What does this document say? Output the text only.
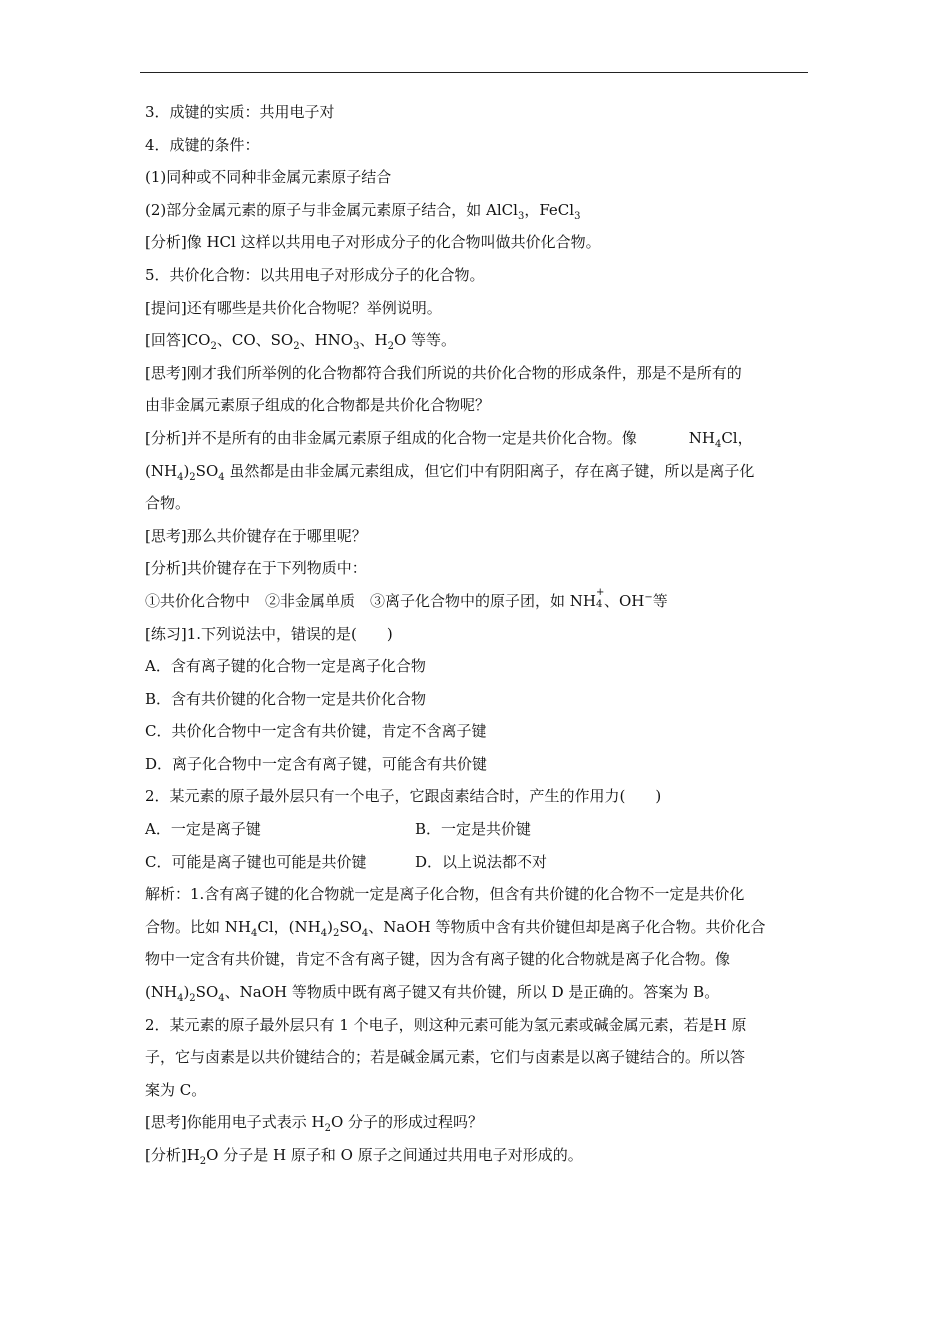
3．成键的实质：共用电子对
4．成键的条件：
(1)同种或不同种非金属元素原子结合
(2)部分金属元素的原子与非金属元素原子结合，如 AlCl$_3$，FeCl$_3$
[分析]像 HCl 这样以共用电子对形成分子的化合物叫做共价化合物。
5．共价化合物：以共用电子对形成分子的化合物。
[提问]还有哪些是共价化合物呢？举例说明。
[回答]$CO_2$、CO、$SO_2$、$HNO_3$、$H_2O$ 等等。
[思考]刚才我们所举例的化合物都符合我们所说的共价化合物的形成条件，那是不是所有的
由非金属元素原子组成的化合物都是共价化合物呢？
[分析]并不是所有的由非金属元素原子组成的化合物一定是共价化合物。像	$NH_4Cl$，
$(NH_4)_2SO_4$ 虽然都是由非金属元素组成，但它们中有阴阳离子，存在离子键，所以是离子化
合物。
[思考]那么共价键存在于哪里呢？
[分析]共价键存在于下列物质中：
①共价化合物中　②非金属单质　③离子化合物中的原子团，如 NH +
4 、OH−等
[练习]1.下列说法中，错误的是(　　)
A．含有离子键的化合物一定是离子化合物
B．含有共价键的化合物一定是共价化合物
C．共价化合物中一定含有共价键，肯定不含离子键
D．离子化合物中一定含有离子键，可能含有共价键
2．某元素的原子最外层只有一个电子，它跟卤素结合时，产生的作用力(　　)
A．一定是离子键	B．一定是共价键
C．可能是离子键也可能是共价键	D．以上说法都不对
解析：1.含有离子键的化合物就一定是离子化合物，但含有共价键的化合物不一定是共价化
合物。比如 $NH_4Cl$，$(NH_4)_2SO_4$、NaOH 等物质中含有共价键但却是离子化合物。共价化合
物中一定含有共价键，肯定不含有离子键，因为含有离子键的化合物就是离子化合物。像
$(NH_4)_2SO_4$、NaOH 等物质中既有离子键又有共价键，所以 D 是正确的。答案为 B。
2．某元素的原子最外层只有 1 个电子，则这种元素可能为氢元素或碱金属元素，若是H 原
子，它与卤素是以共价键结合的；若是碱金属元素，它们与卤素是以离子键结合的。所以答
案为 C。
[思考]你能用电子式表示 $H_2O$ 分子的形成过程吗？
[分析]$H_2O$ 分子是 H 原子和 O 原子之间通过共用电子对形成的。
